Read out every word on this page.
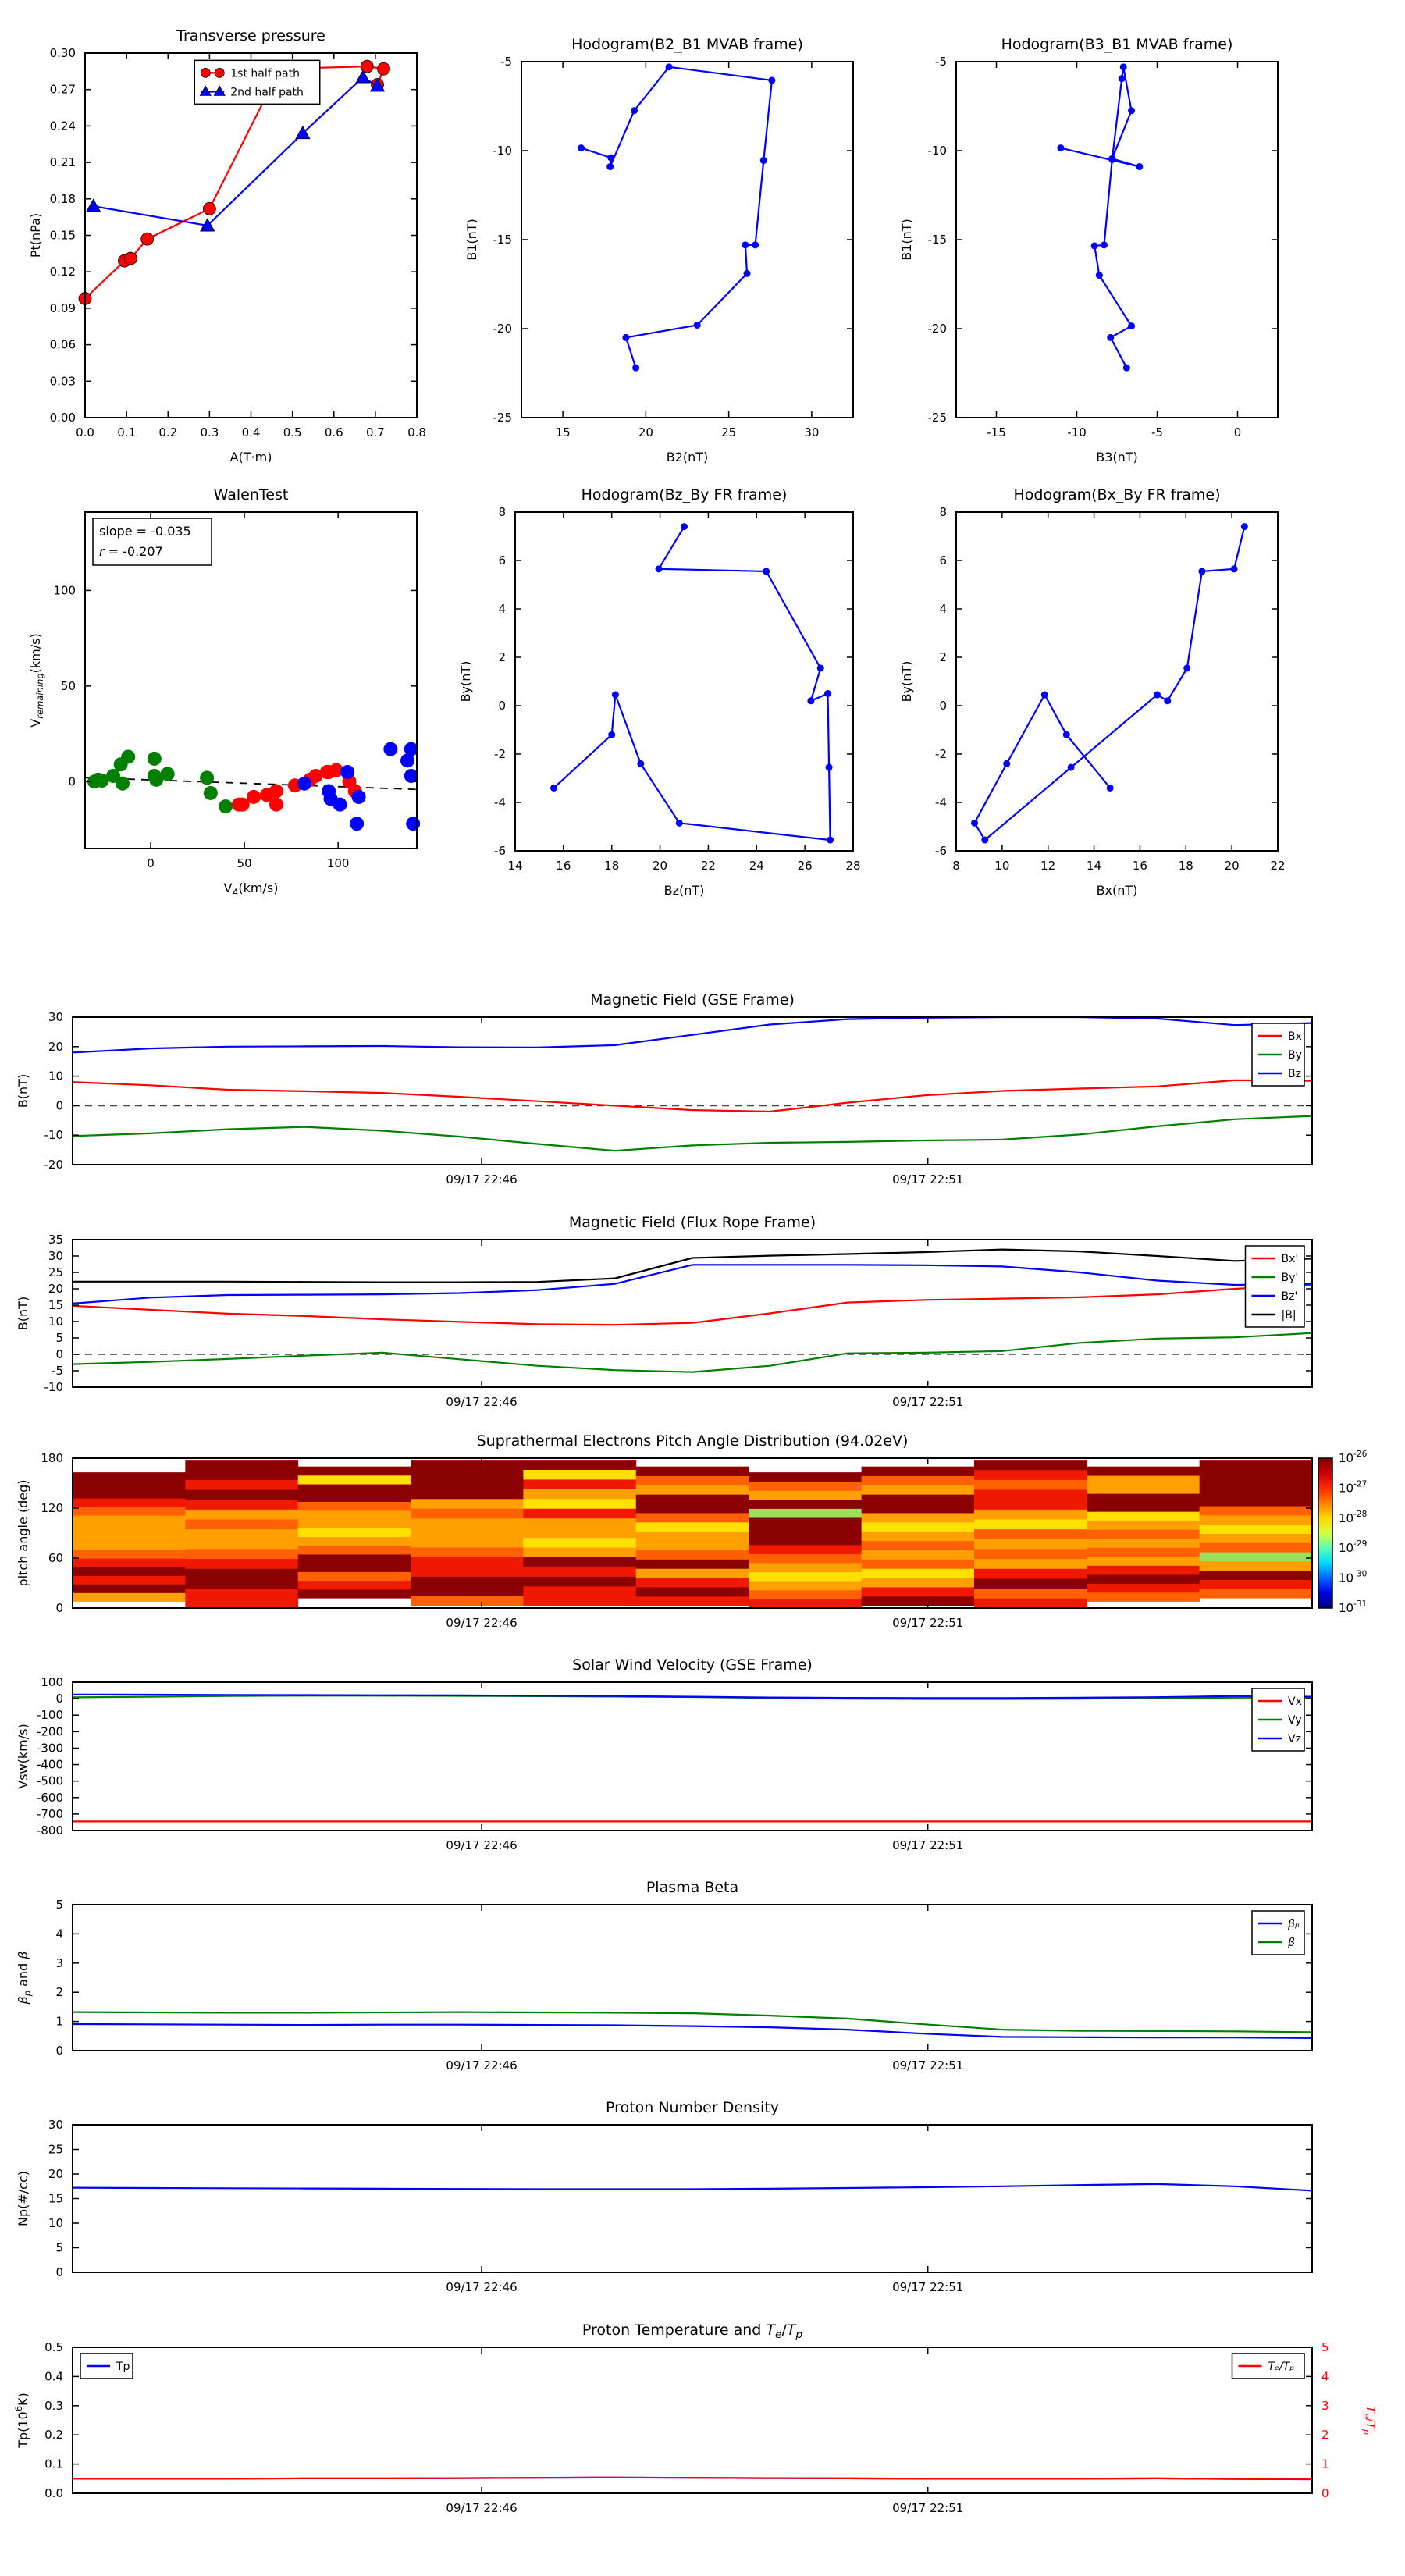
0.0 0.1 0.2 0.3 0.4 0.5 0.6 0.7 0.8
0.00
0.03
0.06
0.09
0.12
0.15
0.18
0.21
0.24
0.27
0.30
Transverse pressure
A(T·m)
Pt(nPa)
1st half path
2nd half path
15	20	25	30
-25
-20
-15
-10
-5
Hodogram(B2_B1 MVAB frame)
B2(nT)
B1(nT)
-15	-10	-5	0
-25
-20
-15
-10
-5
Hodogram(B3_B1 MVAB frame)
B3(nT)
B1(nT)
0	50	100
0
50
100
WalenTest
$V_A(km/s)$
$V_{remaining}(km/s)$
slope = -0.035
r = -0.207
14	16	18	20	22	24	26	28
-6
-4
-2
0
2
4
6
8
Hodogram(Bz_By FR frame)
Bz(nT)
By(nT)
8	10	12	14	16	18	20	22
-6
-4
-2
0
2
4
6
8
Hodogram(Bx_By FR frame)
Bx(nT)
By(nT)
09/17 22:46	09/17 22:51
-20
-10
0
10
20
30
Magnetic Field (GSE Frame)
B(nT)
Bx
By
Bz
09/17 22:46	09/17 22:51
-10
-5
0
5
10
15
20
25
30
35
Magnetic Field (Flux Rope Frame)
B(nT)
Bx'
By'
Bz'
|B|
09/17 22:46	09/17 22:51
0
60
120
180
Suprathermal Electrons Pitch Angle Distribution (94.02eV)
pitch angle (deg)
$10^{-26}$
$10^{-27}$
$10^{-28}$
$10^{-29}$
$10^{-30}$
$10^{-31}$
09/17 22:46	09/17 22:51
-800
-700
-600
-500
-400
-300
-200
-100
0
100
Solar Wind Velocity (GSE Frame)
Vsw(km/s)
Vx
Vy
Vz
09/17 22:46	09/17 22:51
0
1
2
3
4
5
Plasma Beta
$\beta_p$ and β
βₚ
β
09/17 22:46	09/17 22:51
0
5
10
15
20
25
30
Proton Number Density
Np(#/cc)
09/17 22:46	09/17 22:51
0.0
0.1
0.2
0.3
0.4
0.5
0
1
2
3
4
5
$T_e/T_p$
Proton Temperature and $T_e/T_p$
$Tp(10^6K)$
Tp	Tₑ/Tₚ
